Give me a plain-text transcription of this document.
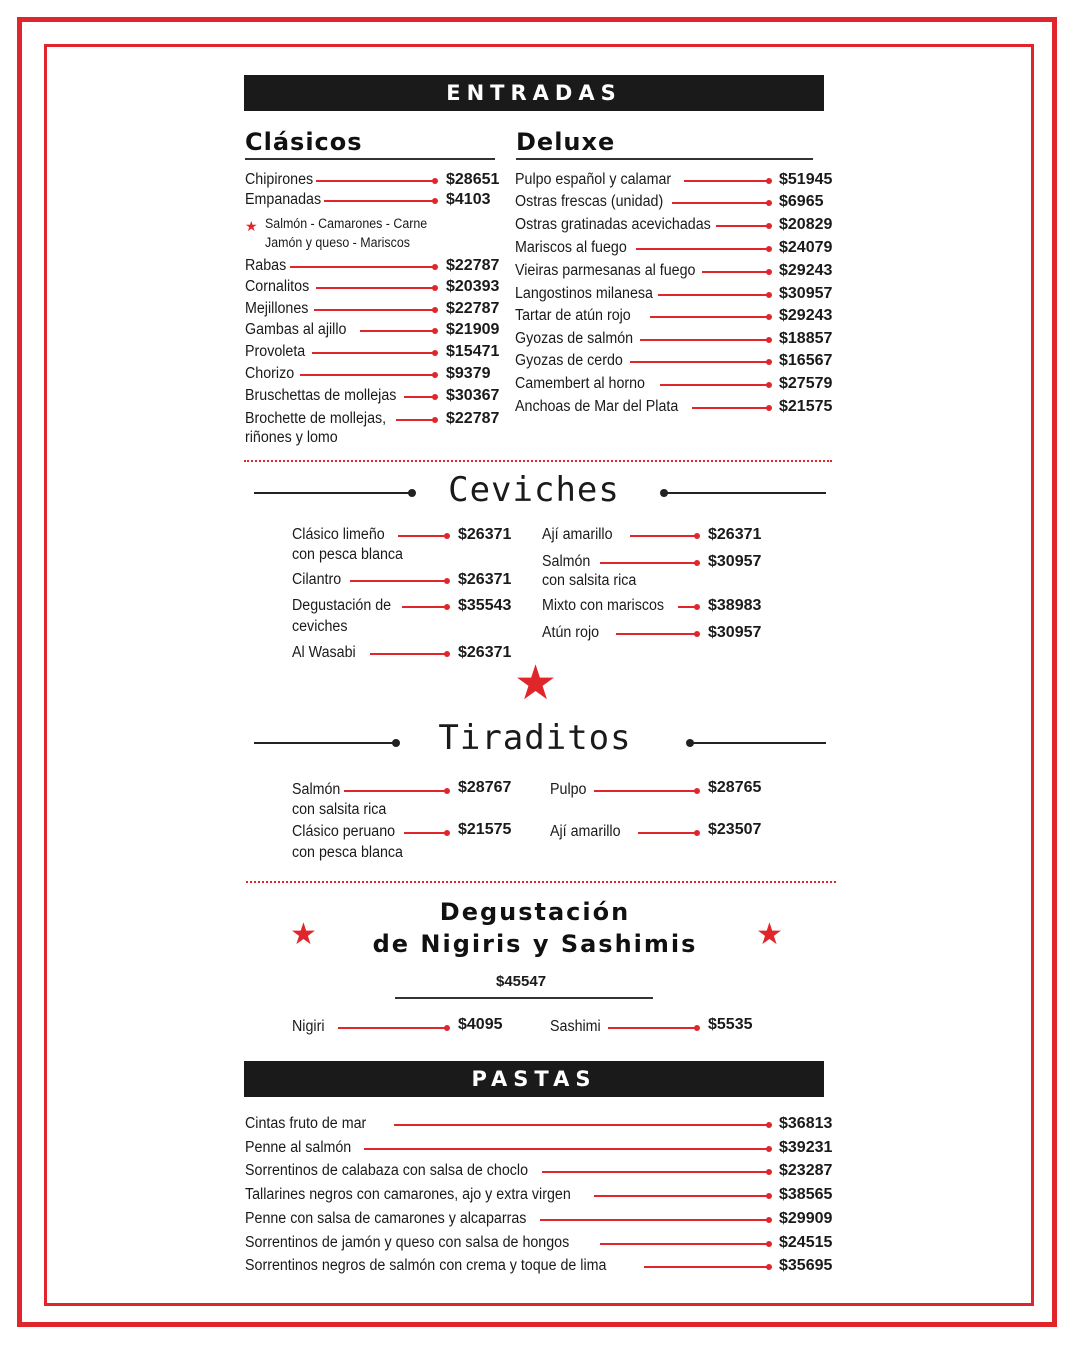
ENTRADAS
Clásicos	Deluxe
Chipirones	$28651
Empanadas	$4103
★ Salmón - Camarones - Carne
Jamón y queso - Mariscos
Rabas	$22787
Cornalitos	$20393
Mejillones	$22787
Gambas al ajillo	$21909
Provoleta	$15471
Chorizo	$9379
Bruschettas de mollejas	$30367
Brochette de mollejas,
riñones y lomo
$22787
Pulpo español y calamar	$51945
Ostras frescas (unidad)	$6965
Ostras gratinadas acevichadas	$20829
Mariscos al fuego	$24079
Vieiras parmesanas al fuego	$29243
Langostinos milanesa	$30957
Tartar de atún rojo	$29243
Gyozas de salmón	$18857
Gyozas de cerdo	$16567
Camembert al horno	$27579
Anchoas de Mar del Plata	$21575
Ceviches
Clásico limeño
con pesca blanca
$26371
Cilantro	$26371
Degustación de
ceviches
$35543
Al Wasabi	$26371
Ají amarillo	$26371
Salmón
con salsita rica
$30957
Mixto con mariscos	$38983
Atún rojo	$30957
★
Tiraditos
Salmón
con salsita rica
$28767
Clásico peruano
con pesca blanca
$21575
Pulpo	$28765
Ají amarillo	$23507
★
Degustación
de Nigiris y Sashimis	★
$45547
Nigiri	$4095	Sashimi	$5535
PASTAS
Cintas fruto de mar	$36813
Penne al salmón	$39231
Sorrentinos de calabaza con salsa de choclo	$23287
Tallarines negros con camarones, ajo y extra virgen	$38565
Penne con salsa de camarones y alcaparras	$29909
Sorrentinos de jamón y queso con salsa de hongos	$24515
Sorrentinos negros de salmón con crema y toque de lima	$35695
